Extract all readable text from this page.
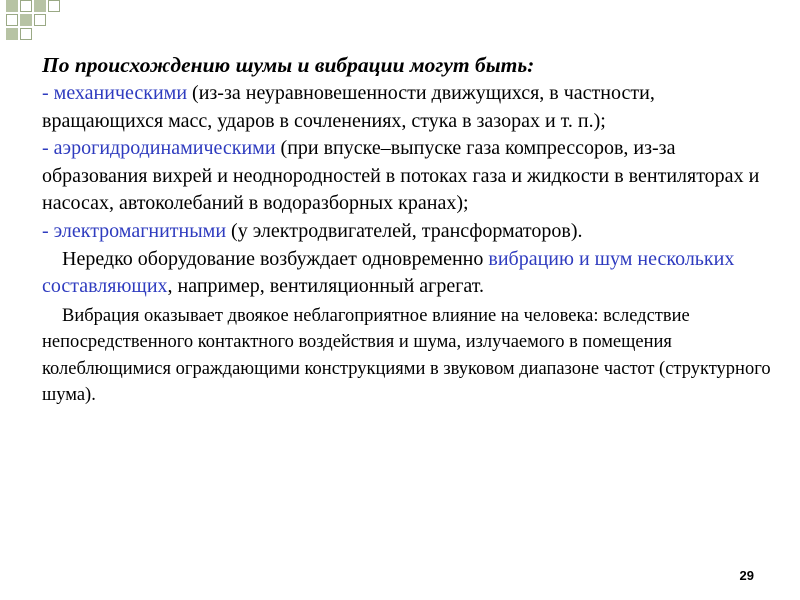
По происхождению шумы и вибрации могут быть:

- механическими (из-за неуравновешенности движущихся, в частности, вращающихся масс, ударов в сочленениях, стука в зазорах и т. п.);

- аэрогидродинамическими (при впуске–выпуске газа компрессоров, из-за образования вихрей и неоднородностей в потоках газа и жидкости в вентиляторах и насосах, автоколебаний в водоразборных кранах);

- электромагнитными (у электродвигателей, трансформаторов).

Нередко оборудование возбуждает одновременно вибрацию и шум нескольких составляющих, например, вентиляционный агрегат.

Вибрация оказывает двоякое неблагоприятное влияние на человека: вследствие непосредственного контактного воздействия и шума, излучаемого в помещения колеблющимися ограждающими конструкциями в звуковом диапазоне частот (структурного шума).

29
